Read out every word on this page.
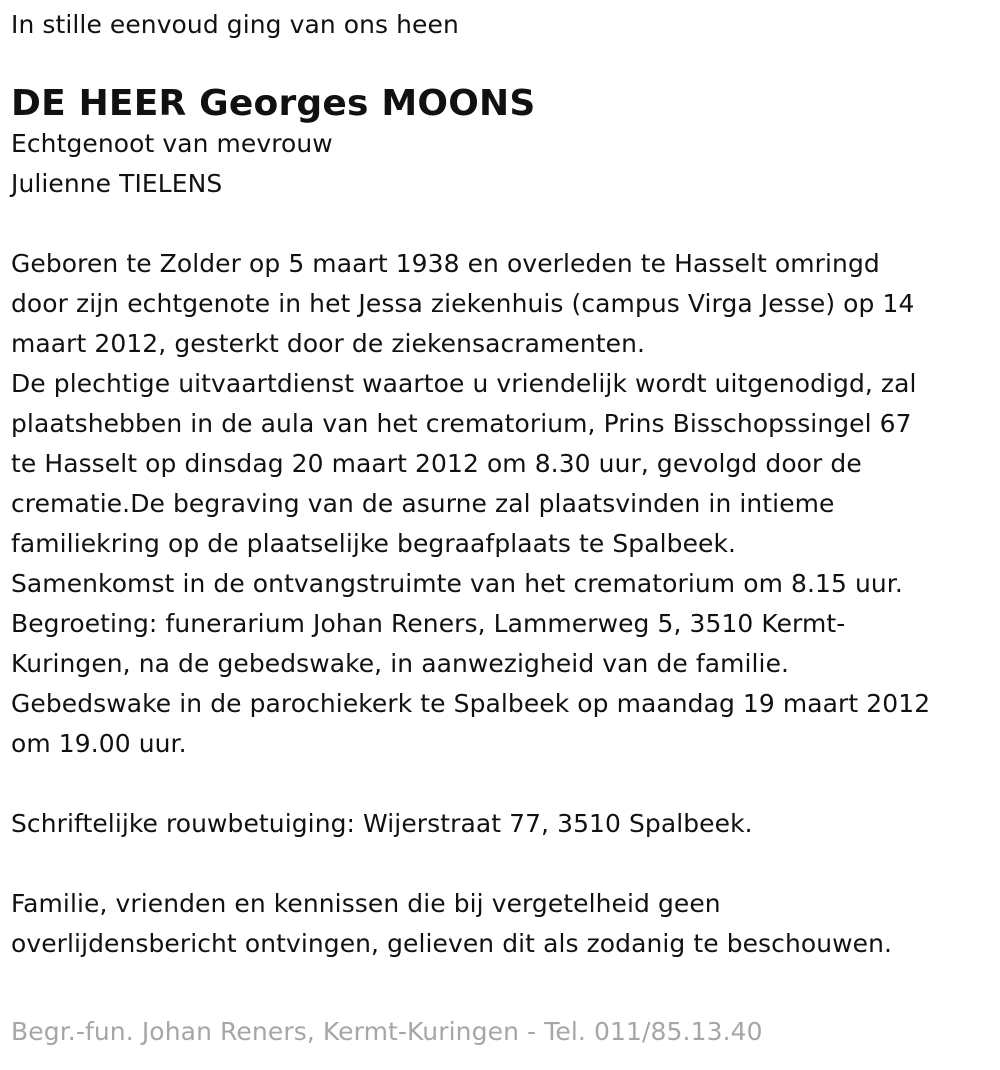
In stille eenvoud ging van ons heen

DE HEER Georges MOONS

Echtgenoot van mevrouw

Julienne TIELENS

Geboren te Zolder op 5 maart 1938 en overleden te Hasselt omringd

door zijn echtgenote in het Jessa ziekenhuis (campus Virga Jesse) op 14

maart 2012, gesterkt door de ziekensacramenten.

De plechtige uitvaartdienst waartoe u vriendelijk wordt uitgenodigd, zal

plaatshebben in de aula van het crematorium, Prins Bisschopssingel 67

te Hasselt op dinsdag 20 maart 2012 om 8.30 uur, gevolgd door de

crematie.De begraving van de asurne zal plaatsvinden in intieme

familiekring op de plaatselijke begraafplaats te Spalbeek.

Samenkomst in de ontvangstruimte van het crematorium om 8.15 uur.

Begroeting: funerarium Johan Reners, Lammerweg 5, 3510 Kermt-

Kuringen, na de gebedswake, in aanwezigheid van de familie.

Gebedswake in de parochiekerk te Spalbeek op maandag 19 maart 2012

om 19.00 uur.

Schriftelijke rouwbetuiging: Wijerstraat 77, 3510 Spalbeek.

Familie, vrienden en kennissen die bij vergetelheid geen

overlijdensbericht ontvingen, gelieven dit als zodanig te beschouwen.

Begr.-fun. Johan Reners, Kermt-Kuringen - Tel. 011/85.13.40
